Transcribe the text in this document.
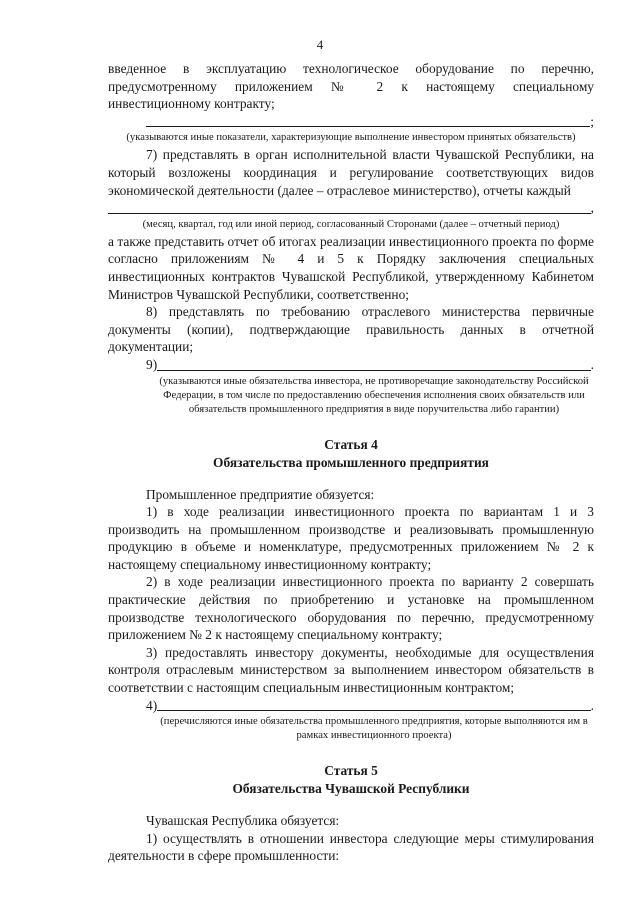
4

введенное в эксплуатацию технологическое оборудование по перечню, предусмотренному приложением № 2 к настоящему специальному инвестиционному контракту;

;

(указываются иные показатели, характеризующие выполнение инвестором принятых обязательств)

7) представлять в орган исполнительной власти Чувашской Республики, на который возложены координация и регулирование соответствующих видов экономической деятельности (далее – отраслевое министерство), отчеты каждый

,

(месяц, квартал, год или иной период, согласованный Сторонами (далее – отчетный период)

а также представить отчет об итогах реализации инвестиционного проекта по форме согласно приложениям № 4 и 5 к Порядку заключения специальных инвестиционных контрактов Чувашской Республикой, утвержденному Кабинетом Министров Чувашской Республики, соответственно;

8) представлять по требованию отраслевого министерства первичные документы (копии), подтверждающие правильность данных в отчетной документации;

9)	.

(указываются иные обязательства инвестора, не противоречащие законодательству Российской Федерации, в том числе по предоставлению обеспечения исполнения своих обязательств или обязательств промышленного предприятия в виде поручительства либо гарантии)

Статья 4
Обязательства промышленного предприятия

Промышленное предприятие обязуется:

1) в ходе реализации инвестиционного проекта по вариантам 1 и 3 производить на промышленном производстве и реализовывать промышленную продукцию в объеме и номенклатуре, предусмотренных приложением № 2 к настоящему специальному инвестиционному контракту;

2) в ходе реализации инвестиционного проекта по варианту 2 совершать практические действия по приобретению и установке на промышленном производстве технологического оборудования по перечню, предусмотренному приложением № 2 к настоящему специальному контракту;

3) предоставлять инвестору документы, необходимые для осуществления контроля отраслевым министерством за выполнением инвестором обязательств в соответствии с настоящим специальным инвестиционным контрактом;

4)	.

(перечисляются иные обязательства промышленного предприятия, которые выполняются им в рамках инвестиционного проекта)

Статья 5
Обязательства Чувашской Республики

Чувашская Республика обязуется:

1) осуществлять в отношении инвестора следующие меры стимулирования деятельности в сфере промышленности:
